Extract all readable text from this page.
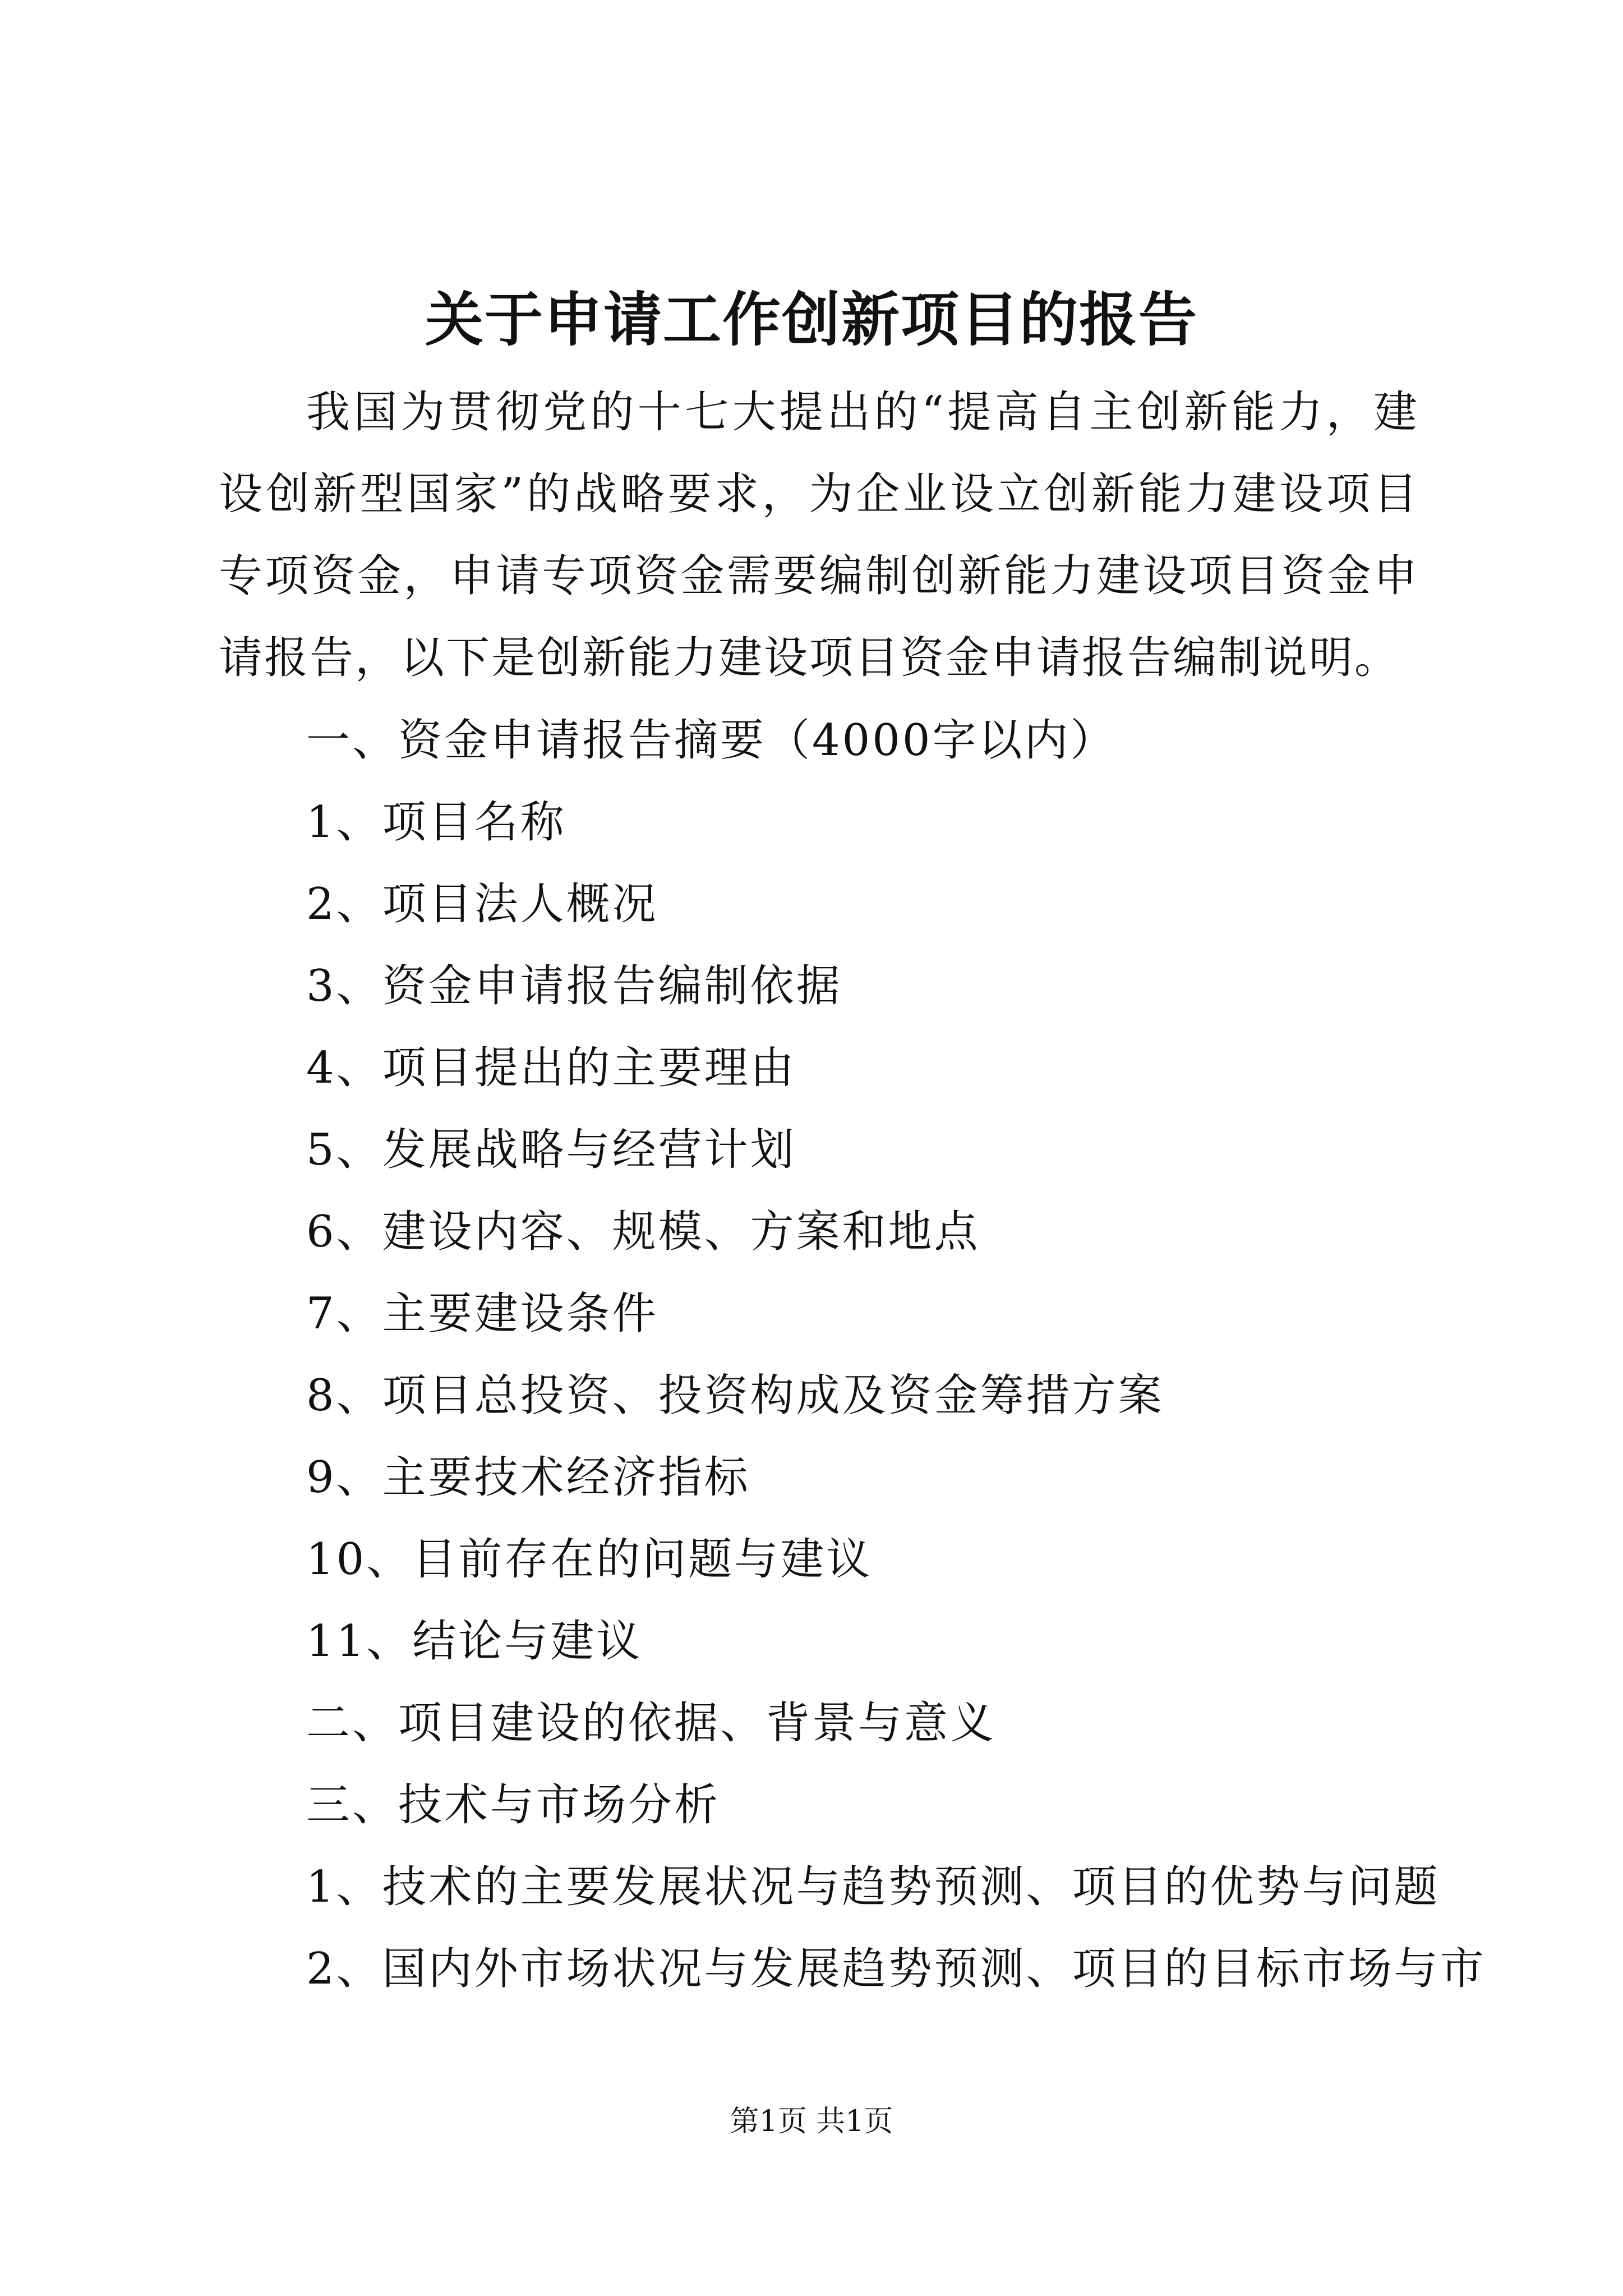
关于申请工作创新项目的报告

我国为贯彻党的十七大提出的“提高自主创新能力，建设创新型国家”的战略要求，为企业设立创新能力建设项目专项资金，申请专项资金需要编制创新能力建设项目资金申请报告，以下是创新能力建设项目资金申请报告编制说明。

一、资金申请报告摘要（4000字以内）
1、项目名称
2、项目法人概况
3、资金申请报告编制依据
4、项目提出的主要理由
5、发展战略与经营计划
6、建设内容、规模、方案和地点
7、主要建设条件
8、项目总投资、投资构成及资金筹措方案
9、主要技术经济指标
10、目前存在的问题与建议
11、结论与建议
二、项目建设的依据、背景与意义
三、技术与市场分析
1、技术的主要发展状况与趋势预测、项目的优势与问题
2、国内外市场状况与发展趋势预测、项目的目标市场与市
第1页 共1页
